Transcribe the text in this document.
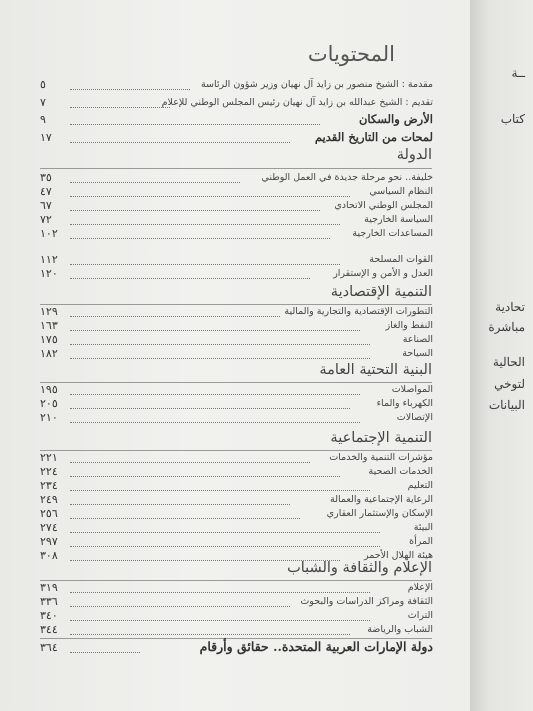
المحتويات
مقدمة : الشيخ منصور بن زايد آل نهيان وزير شؤون الرئاسة
٥
تقديم : الشيخ عبدالله بن زايد آل نهيان رئيس المجلس الوطني للإعلام
٧
الأرض والسكان
٩
لمحات من التاريخ القديم
١٧
الدولة
خليفة.. نحو مرحلة جديدة في العمل الوطني
٣٥
النظام السياسي
٤٧
المجلس الوطني الاتحادي
٦٧
السياسة الخارجية
٧٢
المساعدات الخارجية
١٠٢
القوات المسلحة
١١٢
العدل و الأمن و الإستقرار
١٢٠
التنمية الإقتصادية
التطورات الإقتصادية والتجارية والمالية
١٢٩
النفط والغاز
١٦٣
الصناعة
١٧٥
السياحة
١٨٢
البنية التحتية العامة
المواصلات
١٩٥
الكهرباء والماء
٢٠٥
الإتصالات
٢١٠
التنمية الإجتماعية
مؤشرات التنمية والخدمات
٢٢١
الخدمات الصحية
٢٢٤
التعليم
٢٣٤
الرعاية الإجتماعية والعمالة
٢٤٩
الإسكان والإستثمار العقاري
٢٥٦
البيئة
٢٧٤
المرأة
٢٩٧
هيئة الهلال الأحمر
٣٠٨
الإعلام والثقافة والشباب
الإعلام
٣١٩
الثقافة ومراكز الدراسات والبحوث
٣٣٦
التراث
٣٤٠
الشباب والرياضة
٣٤٤
دولة الإمارات العربية المتحدة.. حقائق وأرقام
٣٦٤
ــة
كتاب
تحادية
مباشرة
الحالية
لتوخي
البيانات
